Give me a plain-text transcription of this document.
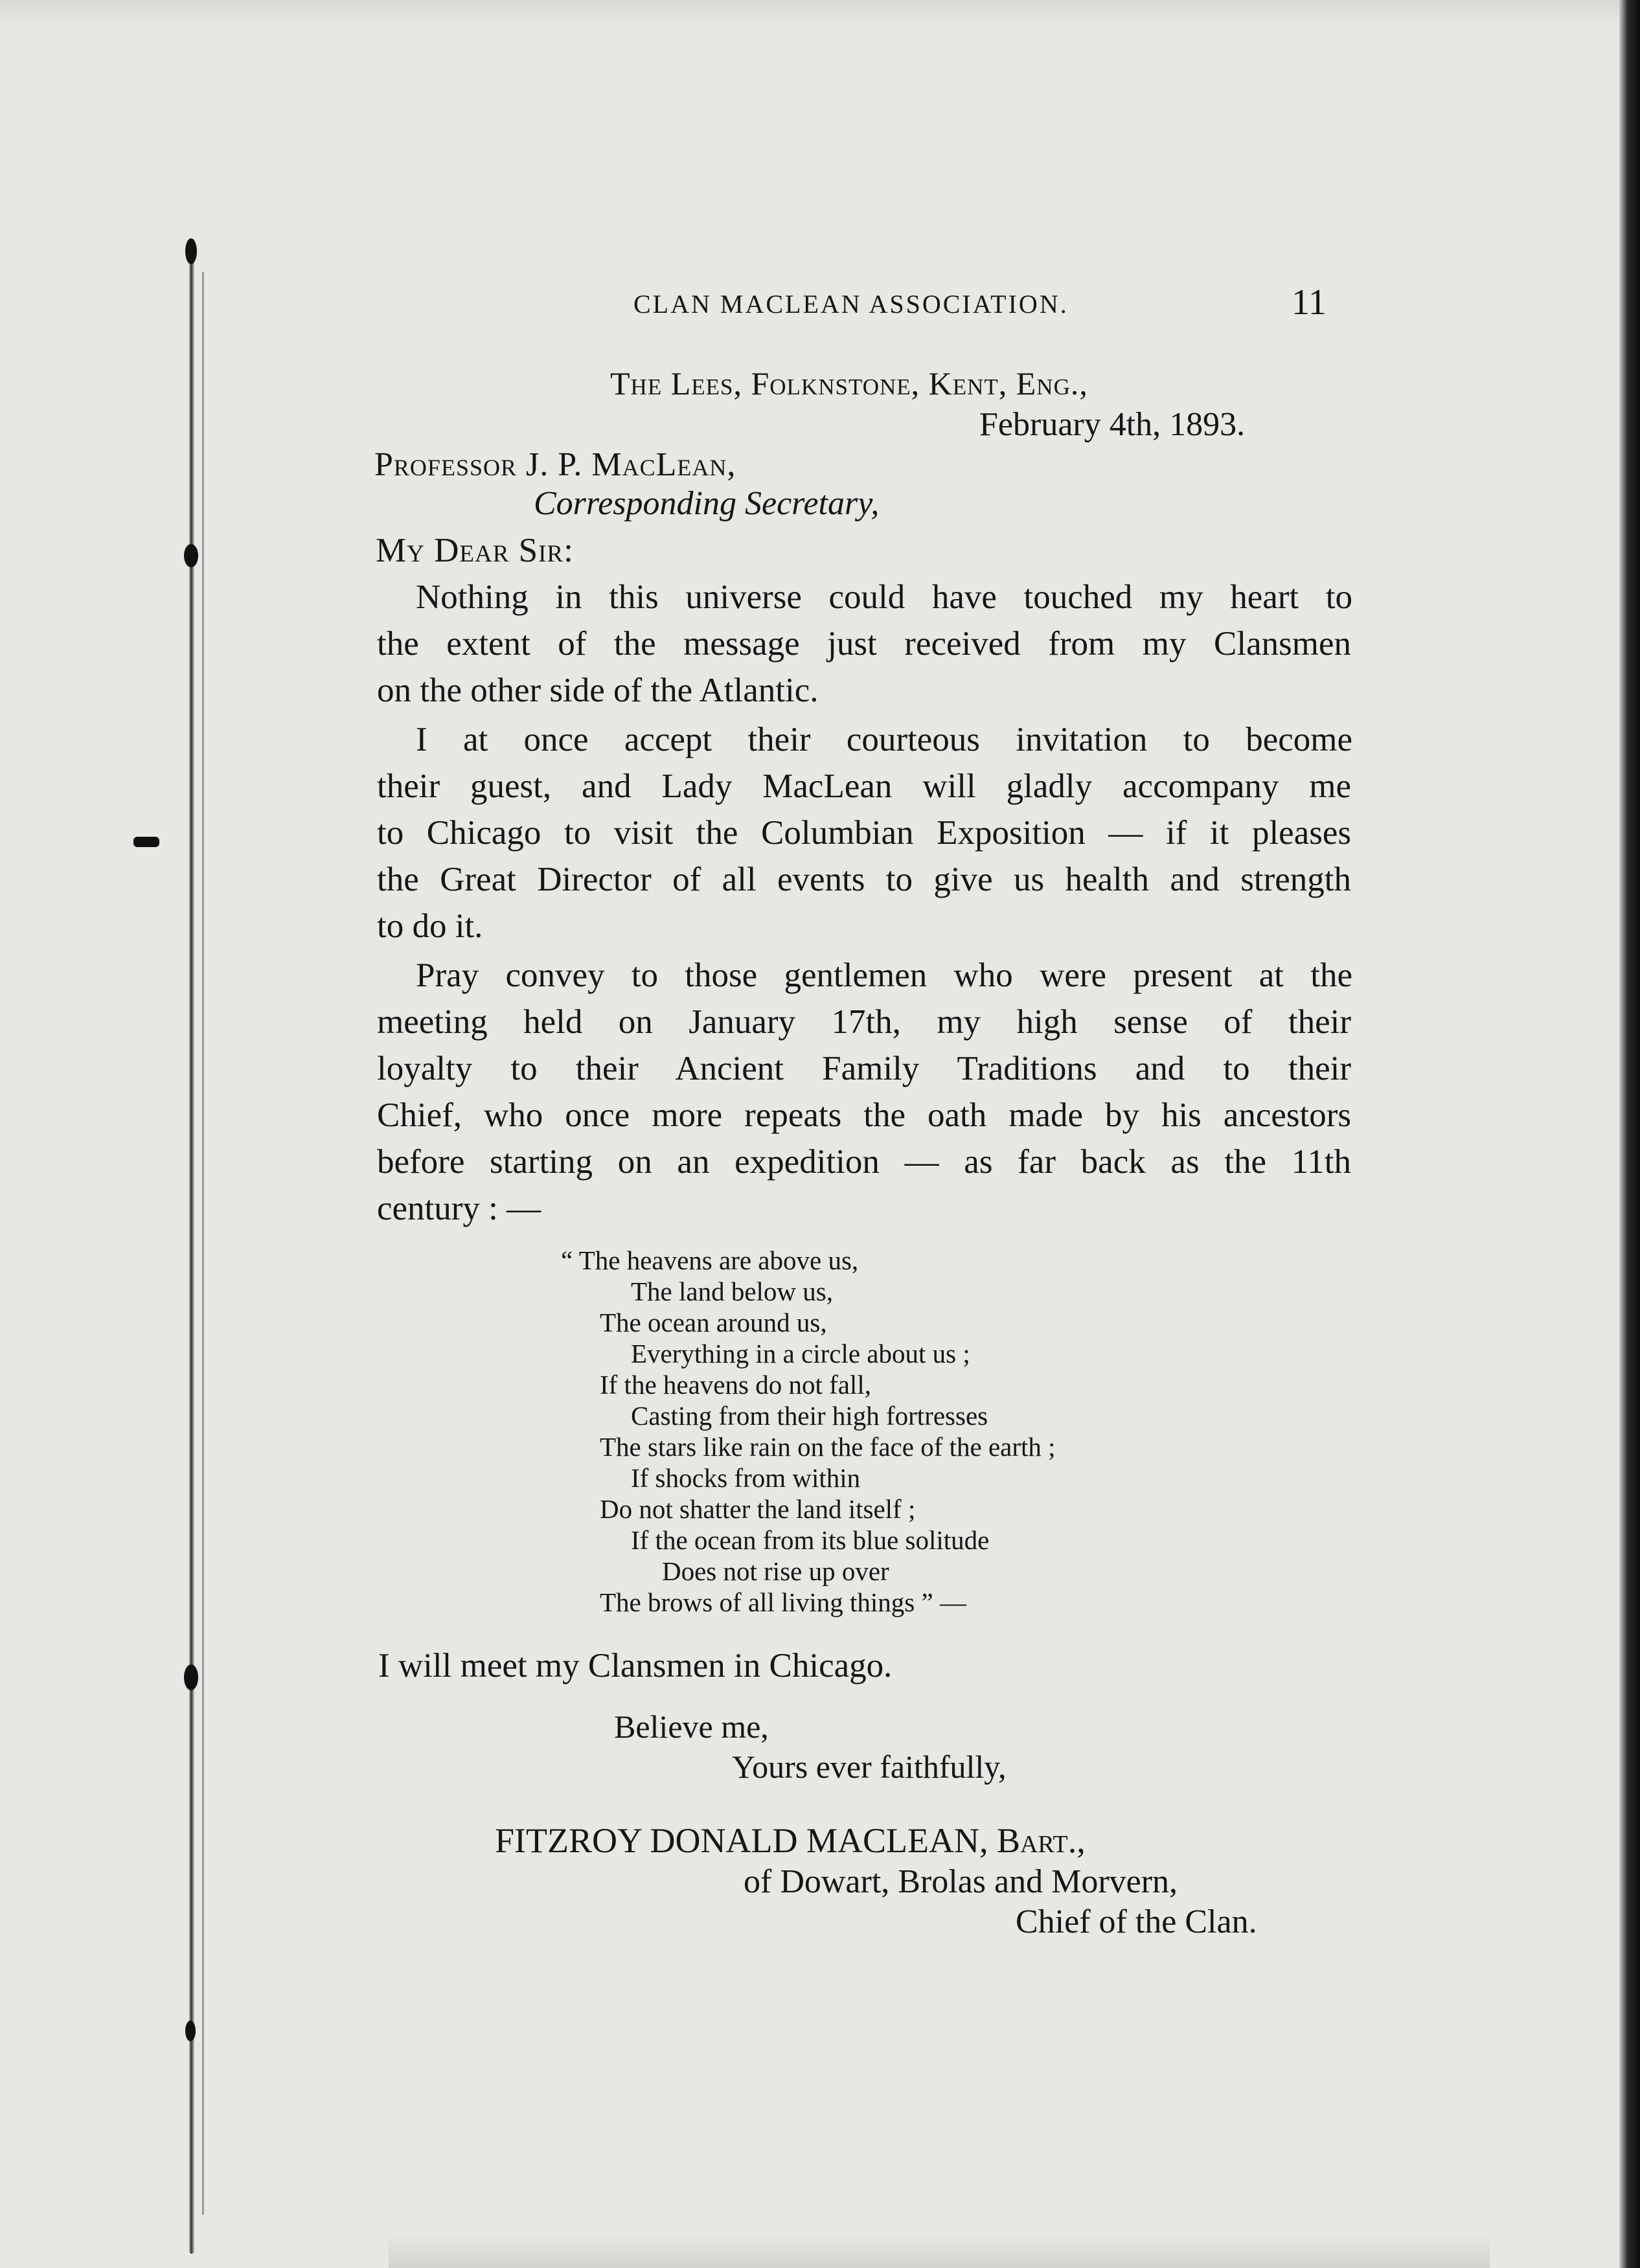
CLAN MACLEAN ASSOCIATION.	11
The Lees, Folknstone, Kent, Eng.,
February 4th, 1893.
Professor J. P. MacLean,
Corresponding Secretary,
My Dear Sir:
Nothing in this universe could have touched my heart to
the extent of the message just received from my Clansmen
on the other side of the Atlantic.
I at once accept their courteous invitation to become
their guest, and Lady MacLean will gladly accompany me
to Chicago to visit the Columbian Exposition — if it pleases
the Great Director of all events to give us health and strength
to do it.
Pray convey to those gentlemen who were present at the
meeting held on January 17th, my high sense of their
loyalty to their Ancient Family Traditions and to their
Chief, who once more repeats the oath made by his ancestors
before starting on an expedition — as far back as the 11th
century : —
“ The heavens are above us,
The land below us,
The ocean around us,
Everything in a circle about us ;
If the heavens do not fall,
Casting from their high fortresses
The stars like rain on the face of the earth ;
If shocks from within
Do not shatter the land itself ;
If the ocean from its blue solitude
Does not rise up over
The brows of all living things ” —
I will meet my Clansmen in Chicago.
Believe me,
Yours ever faithfully,
FITZROY DONALD MACLEAN, Bart.,
of Dowart, Brolas and Morvern,
Chief of the Clan.
